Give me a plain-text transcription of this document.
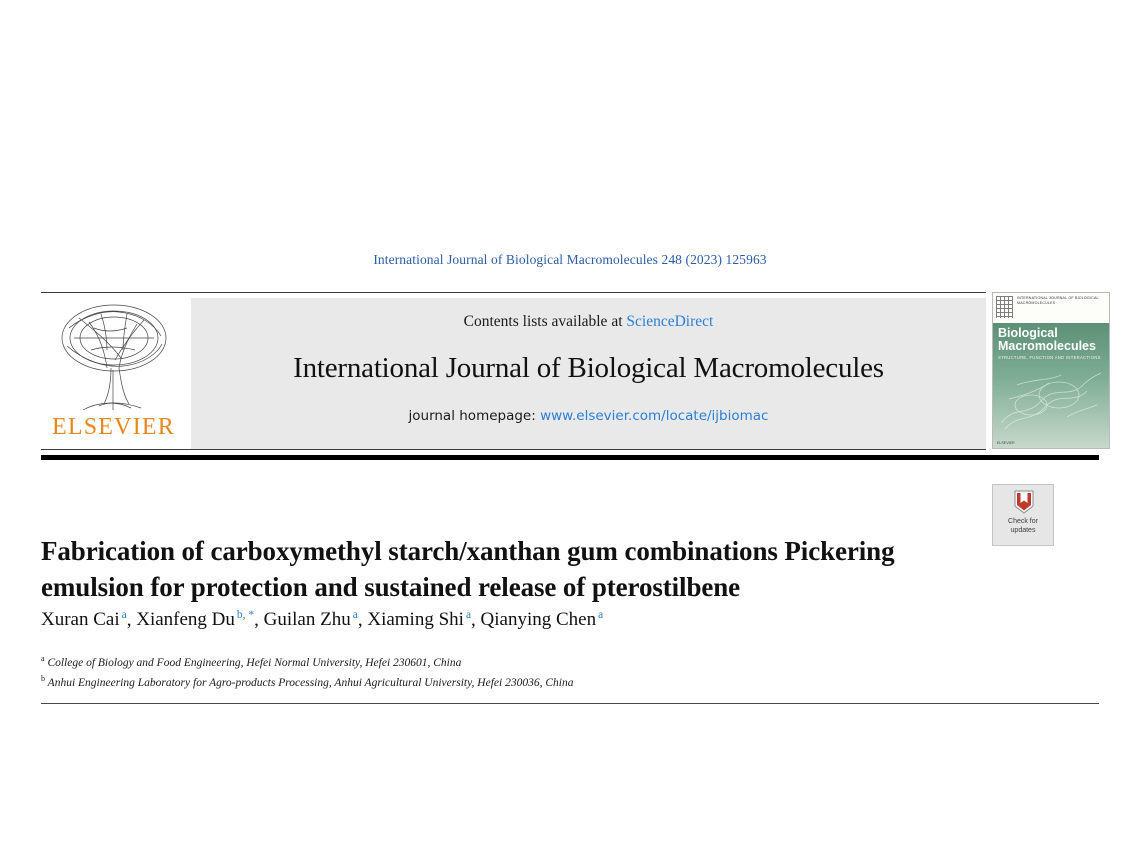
International Journal of Biological Macromolecules 248 (2023) 125963
ELSEVIER
Contents lists available at ScienceDirect
International Journal of Biological Macromolecules
journal homepage: www.elsevier.com/locate/ijbiomac
INTERNATIONAL JOURNAL OF BIOLOGICAL MACROMOLECULES
Biological
Macromolecules
STRUCTURE, FUNCTION AND INTERACTIONS
ELSEVIER
Check for
updates
Fabrication of carboxymethyl starch/xanthan gum combinations Pickering emulsion for protection and sustained release of pterostilbene
Xuran Cai $^a$, Xianfeng Du $^{b, *}$, Guilan Zhu $^a$, Xiaming Shi $^a$, Qianying Chen $^a$
$^a$ College of Biology and Food Engineering, Hefei Normal University, Hefei 230601, China
$^b$ Anhui Engineering Laboratory for Agro-products Processing, Anhui Agricultural University, Hefei 230036, China
